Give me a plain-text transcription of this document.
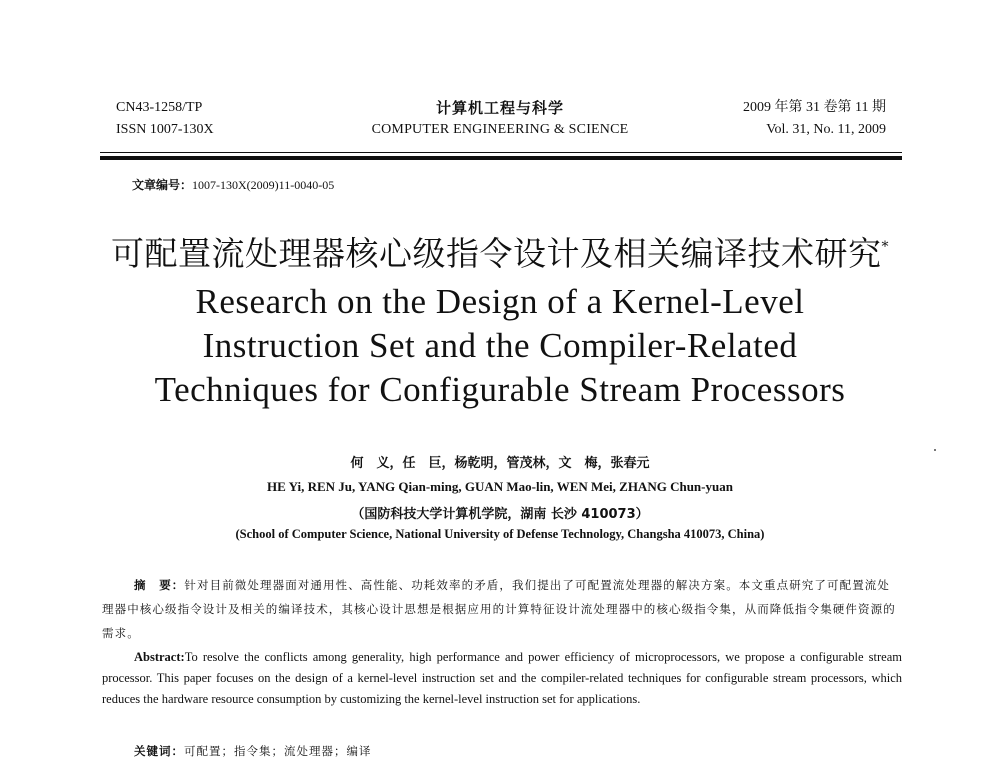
CN43-1258/TP
ISSN 1007-130X
计算机工程与科学
COMPUTER ENGINEERING & SCIENCE
2009 年第 31 卷第 11 期
Vol. 31, No. 11, 2009
文章编号：1007-130X(2009)11-0040-05
可配置流处理器核心级指令设计及相关编译技术研究*
Research on the Design of a Kernel-Level
Instruction Set and the Compiler-Related
Techniques for Configurable Stream Processors
何　义，任　巨，杨乾明，管茂林，文　梅，张春元
HE Yi, REN Ju, YANG Qian-ming, GUAN Mao-lin, WEN Mei, ZHANG Chun-yuan
（国防科技大学计算机学院，湖南 长沙 410073）
(School of Computer Science, National University of Defense Technology, Changsha 410073, China)
摘　要：针对目前微处理器面对通用性、高性能、功耗效率的矛盾，我们提出了可配置流处理器的解决方案。本文重点研究了可配置流处理器中核心级指令设计及相关的编译技术，其核心设计思想是根据应用的计算特征设计流处理器中的核心级指令集，从而降低指令集硬件资源的需求。
Abstract:To resolve the conflicts among generality, high performance and power efficiency of microprocessors, we propose a configurable stream processor. This paper focuses on the design of a kernel-level instruction set and the compiler-related techniques for configurable stream processors, which reduces the hardware resource consumption by customizing the kernel-level instruction set for applications.
关键词：可配置；指令集；流处理器；编译
